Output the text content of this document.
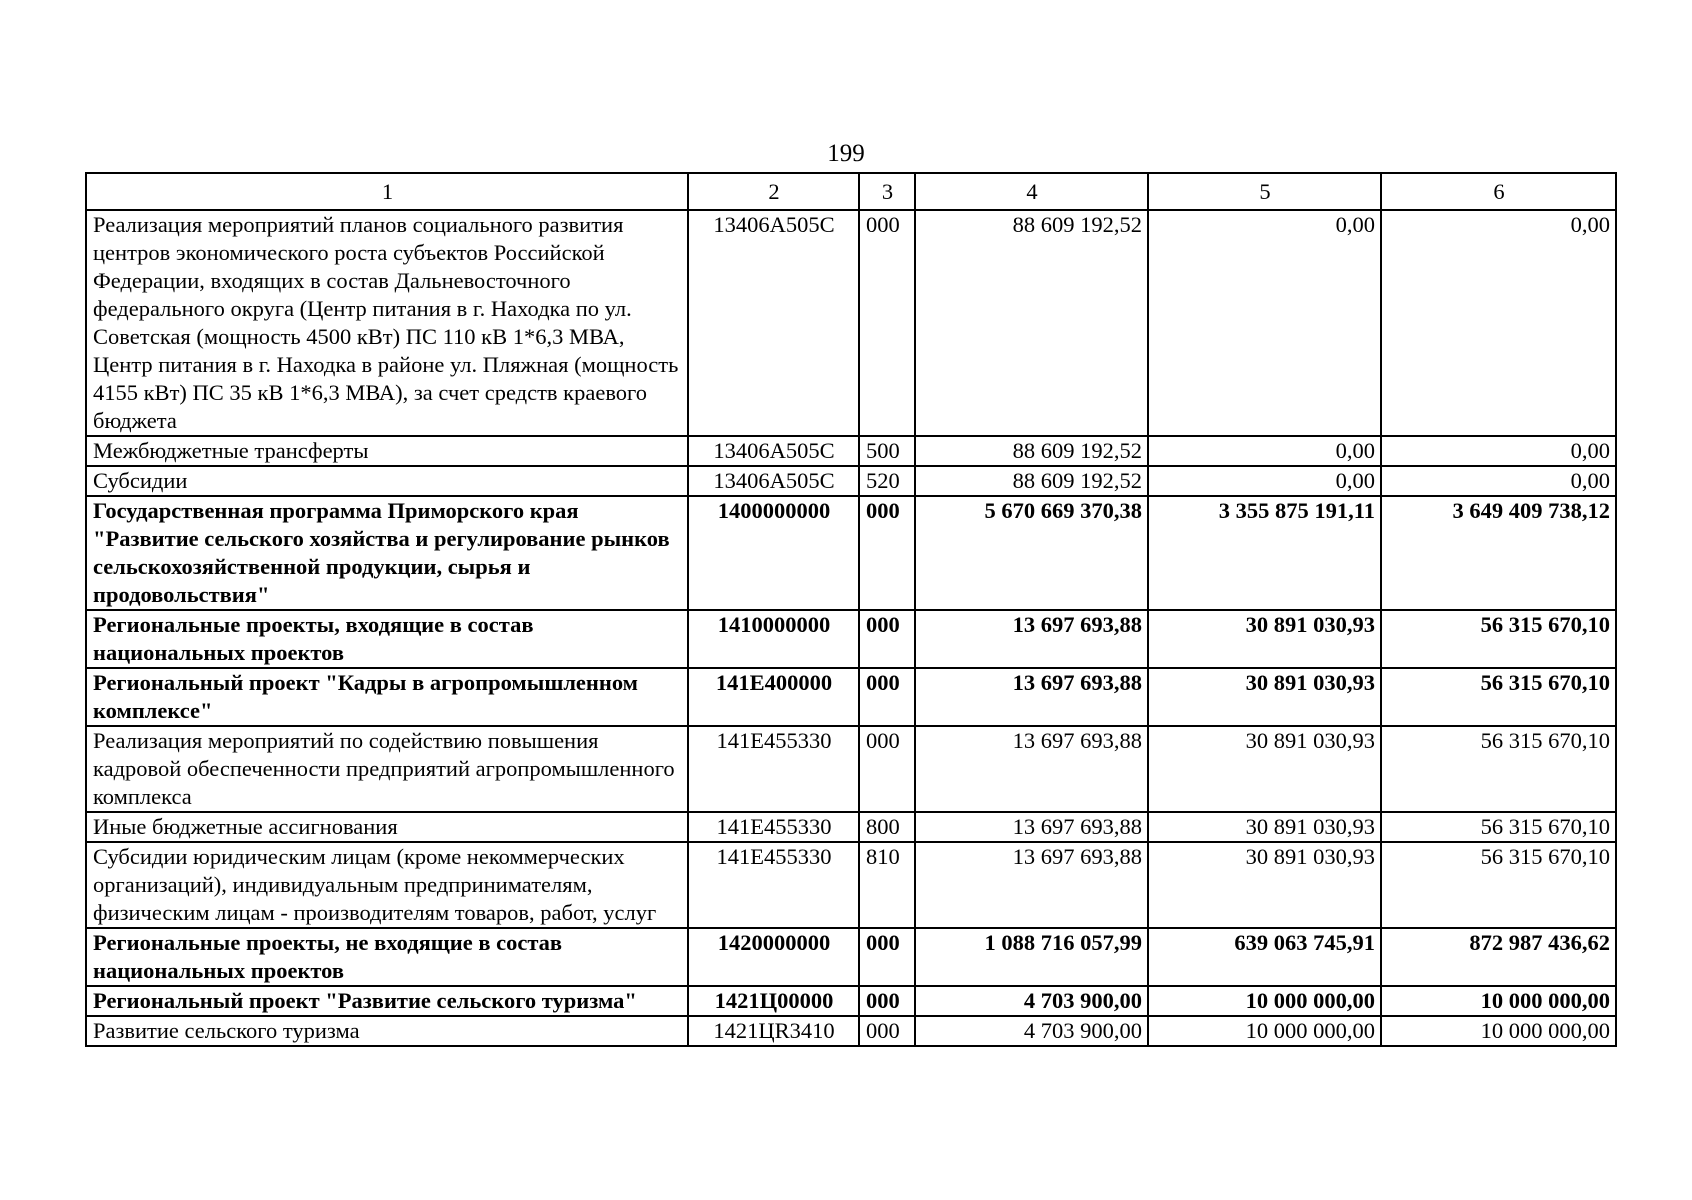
199
1	2	3	4	5	6
Реализация мероприятий планов социального развития центров экономического роста субъектов Российской Федерации, входящих в состав Дальневосточного федерального округа (Центр питания в г. Находка по ул. Советская (мощность 4500 кВт) ПС 110 кВ 1*6,3 МВА, Центр питания в г. Находка в районе ул. Пляжная (мощность 4155 кВт) ПС 35 кВ 1*6,3 МВА), за счет средств краевого бюджета	13406А505С	000	88 609 192,52	0,00	0,00
Межбюджетные трансферты	13406А505С	500	88 609 192,52	0,00	0,00
Субсидии	13406А505С	520	88 609 192,52	0,00	0,00
Государственная программа Приморского края "Развитие сельского хозяйства и регулирование рынков сельскохозяйственной продукции, сырья и продовольствия"	1400000000	000	5 670 669 370,38	3 355 875 191,11	3 649 409 738,12
Региональные проекты, входящие в состав национальных проектов	1410000000	000	13 697 693,88	30 891 030,93	56 315 670,10
Региональный проект "Кадры в агропромышленном комплексе"	141Е400000	000	13 697 693,88	30 891 030,93	56 315 670,10
Реализация мероприятий по содействию повышения кадровой обеспеченности предприятий агропромышленного комплекса	141Е455330	000	13 697 693,88	30 891 030,93	56 315 670,10
Иные бюджетные ассигнования	141Е455330	800	13 697 693,88	30 891 030,93	56 315 670,10
Субсидии юридическим лицам (кроме некоммерческих организаций), индивидуальным предпринимателям, физическим лицам - производителям товаров, работ, услуг	141Е455330	810	13 697 693,88	30 891 030,93	56 315 670,10
Региональные проекты, не входящие в состав национальных проектов	1420000000	000	1 088 716 057,99	639 063 745,91	872 987 436,62
Региональный проект "Развитие сельского туризма"	1421Ц00000	000	4 703 900,00	10 000 000,00	10 000 000,00
Развитие сельского туризма	1421ЦR3410	000	4 703 900,00	10 000 000,00	10 000 000,00
